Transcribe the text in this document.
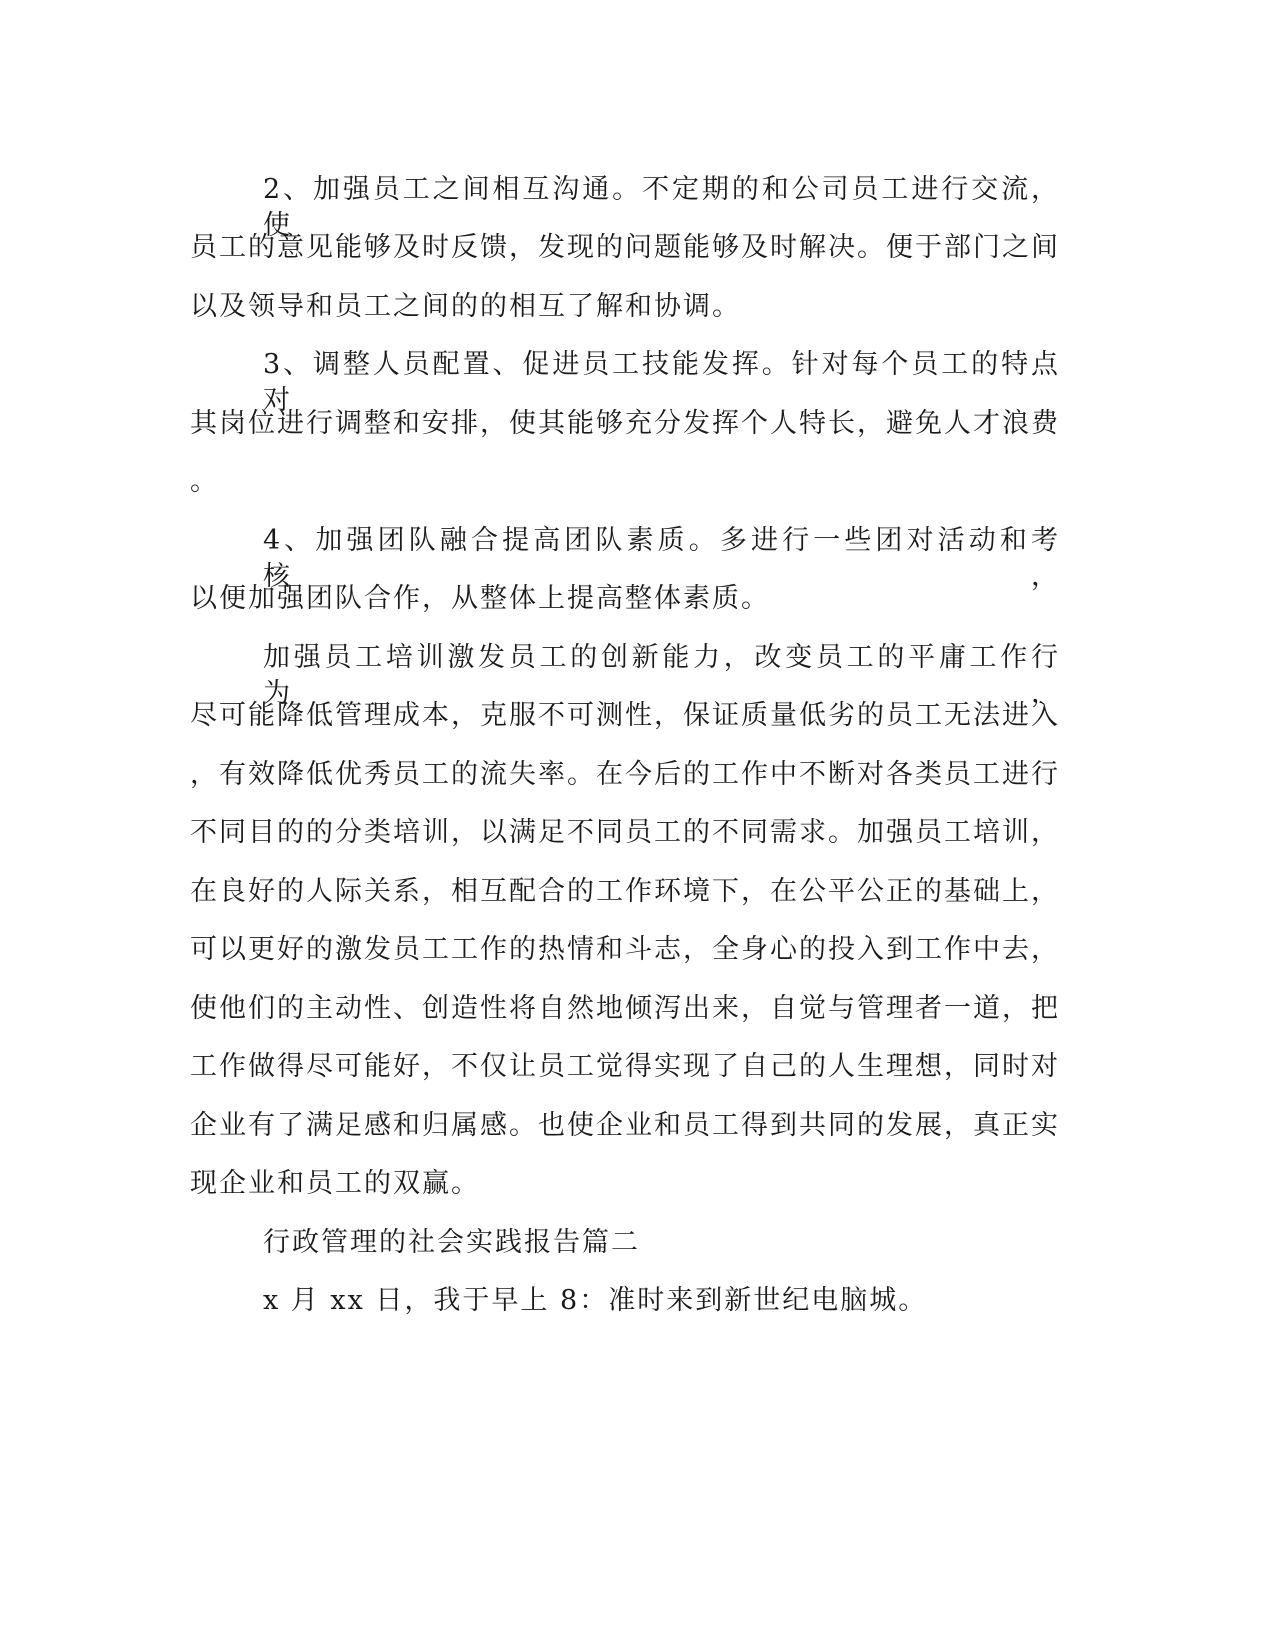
2、加强员工之间相互沟通。不定期的和公司员工进行交流，使
员工的意见能够及时反馈，发现的问题能够及时解决。便于部门之间
以及领导和员工之间的的相互了解和协调。
3、调整人员配置、促进员工技能发挥。针对每个员工的特点对
其岗位进行调整和安排，使其能够充分发挥个人特长，避免人才浪费
。
4、加强团队融合提高团队素质。多进行一些团对活动和考核，
以便加强团队合作，从整体上提高整体素质。
加强员工培训激发员工的创新能力，改变员工的平庸工作行为，
尽可能降低管理成本，克服不可测性，保证质量低劣的员工无法进入
，有效降低优秀员工的流失率。在今后的工作中不断对各类员工进行
不同目的的分类培训，以满足不同员工的不同需求。加强员工培训，
在良好的人际关系，相互配合的工作环境下，在公平公正的基础上，
可以更好的激发员工工作的热情和斗志，全身心的投入到工作中去，
使他们的主动性、创造性将自然地倾泻出来，自觉与管理者一道，把
工作做得尽可能好，不仅让员工觉得实现了自己的人生理想，同时对
企业有了满足感和归属感。也使企业和员工得到共同的发展，真正实
现企业和员工的双赢。
行政管理的社会实践报告篇二
x 月 xx 日，我于早上 8：准时来到新世纪电脑城。
